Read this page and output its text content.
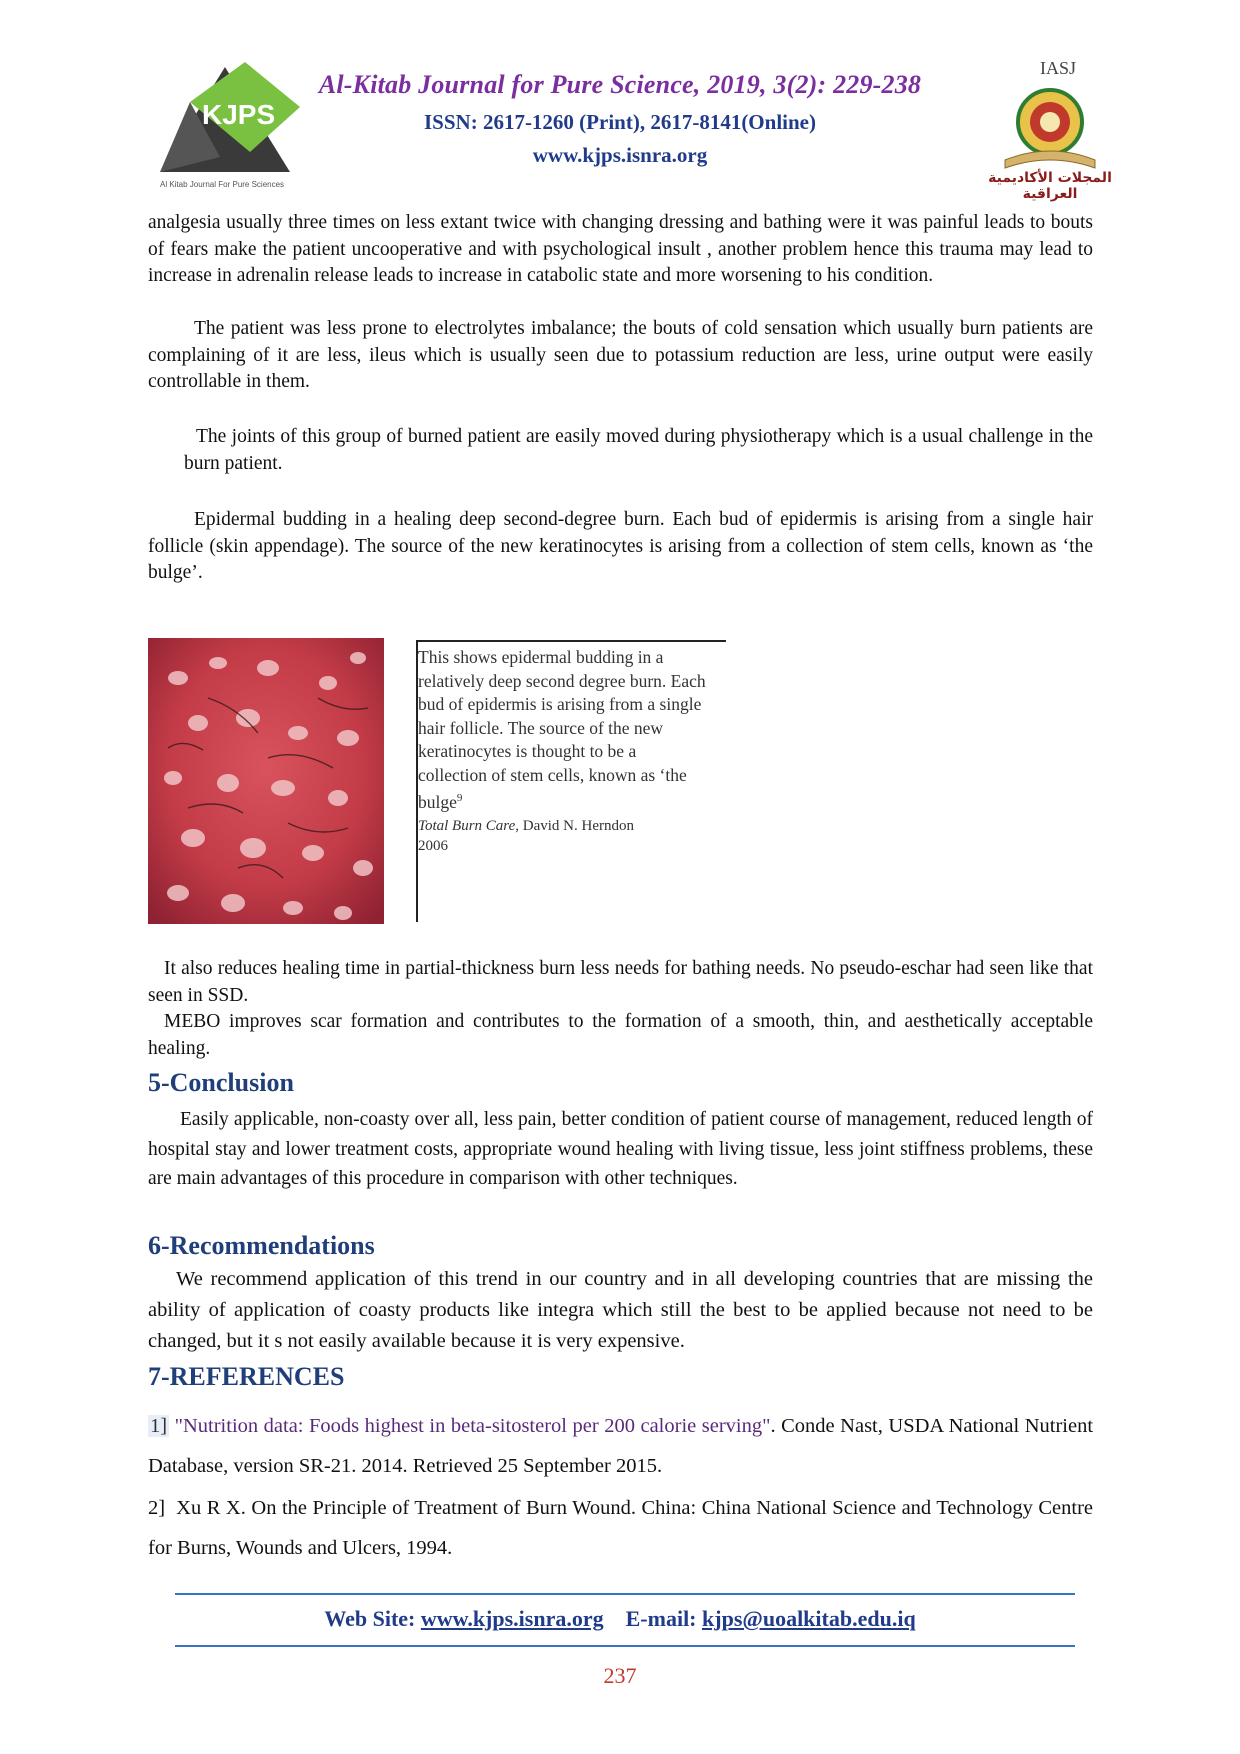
KJPS
Al Kitab Journal For Pure Sciences
Al-Kitab Journal for Pure Science, 2019, 3(2): 229-238
ISSN: 2617-1260 (Print), 2617-8141(Online)
www.kjps.isnra.org
IASJ
المجلات الأكاديمية العراقية
analgesia usually three times on less extant twice with changing dressing and bathing were it was painful leads to bouts of fears make the patient uncooperative and with psychological insult , another problem hence this trauma may lead to increase in adrenalin release leads to increase in catabolic state and more worsening to his condition.
The patient was less prone to electrolytes imbalance; the bouts of cold sensation which usually burn patients are complaining of it are less, ileus which is usually seen due to potassium reduction are less, urine output were easily controllable in them.
The joints of this group of burned patient are easily moved during physiotherapy which is a usual challenge in the burn patient.
Epidermal budding in a healing deep second-degree burn. Each bud of epidermis is arising from a single hair follicle (skin appendage). The source of the new keratinocytes is arising from a collection of stem cells, known as ‘the bulge’.
This shows epidermal budding in a relatively deep second degree burn. Each bud of epidermis is arising from a single hair follicle. The source of the new keratinocytes is thought to be a collection of stem cells, known as ‘the bulge$^9$
Total Burn Care, David N. Herndon
2006
It also reduces healing time in partial-thickness burn less needs for bathing needs. No pseudo-eschar had seen like that seen in SSD.
MEBO improves scar formation and contributes to the formation of a smooth, thin, and aesthetically acceptable healing.
5-Conclusion
Easily applicable, non-coasty over all, less pain, better condition of patient course of management, reduced length of hospital stay and lower treatment costs, appropriate wound healing with living tissue, less joint stiffness problems, these are main advantages of this procedure in comparison with other techniques.
6-Recommendations
We recommend application of this trend in our country and in all developing countries that are missing the ability of application of coasty products like integra which still the best to be applied because not need to be changed, but it s not easily available because it is very expensive.
7-REFERENCES
1] "Nutrition data: Foods highest in beta-sitosterol per 200 calorie serving". Conde Nast, USDA National Nutrient Database, version SR-21. 2014. Retrieved 25 September 2015.
2] Xu R X. On the Principle of Treatment of Burn Wound. China: China National Science and Technology Centre for Burns, Wounds and Ulcers, 1994.
Web Site: www.kjps.isnra.org E-mail: kjps@uoalkitab.edu.iq
237
